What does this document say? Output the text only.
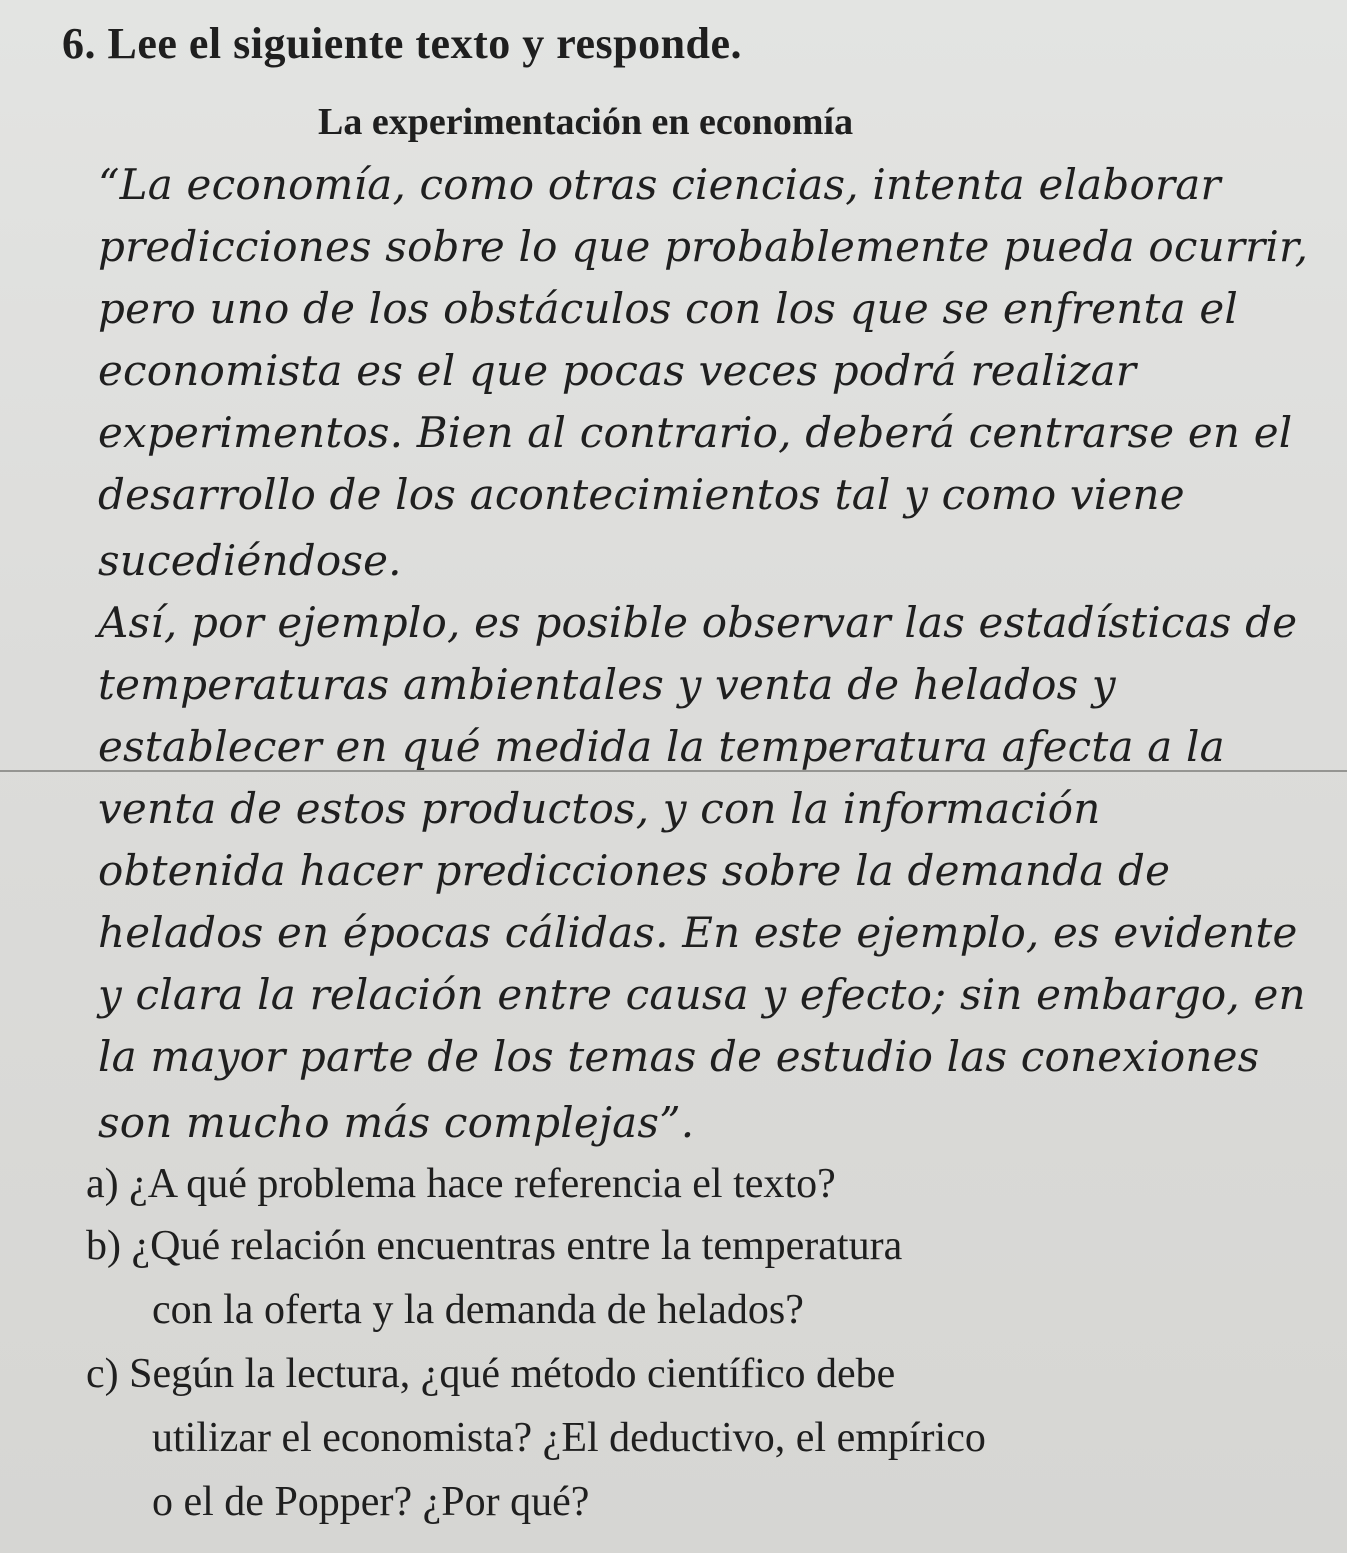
6. Lee el siguiente texto y responde.

La experimentación en economía

“La economía, como otras ciencias, intenta elaborar

predicciones sobre lo que probablemente pueda ocurrir,

pero uno de los obstáculos con los que se enfrenta el

economista es el que pocas veces podrá realizar

experimentos. Bien al contrario, deberá centrarse en el

desarrollo de los acontecimientos tal y como viene

sucediéndose.

Así, por ejemplo, es posible observar las estadísticas de

temperaturas ambientales y venta de helados y

establecer en qué medida la temperatura afecta a la

venta de estos productos, y con la información

obtenida hacer predicciones sobre la demanda de

helados en épocas cálidas. En este ejemplo, es evidente

y clara la relación entre causa y efecto; sin embargo, en

la mayor parte de los temas de estudio las conexiones

son mucho más complejas”.

a) ¿A qué problema hace referencia el texto?

b) ¿Qué relación encuentras entre la temperatura

con la oferta y la demanda de helados?

c) Según la lectura, ¿qué método científico debe

utilizar el economista? ¿El deductivo, el empírico

o el de Popper? ¿Por qué?
